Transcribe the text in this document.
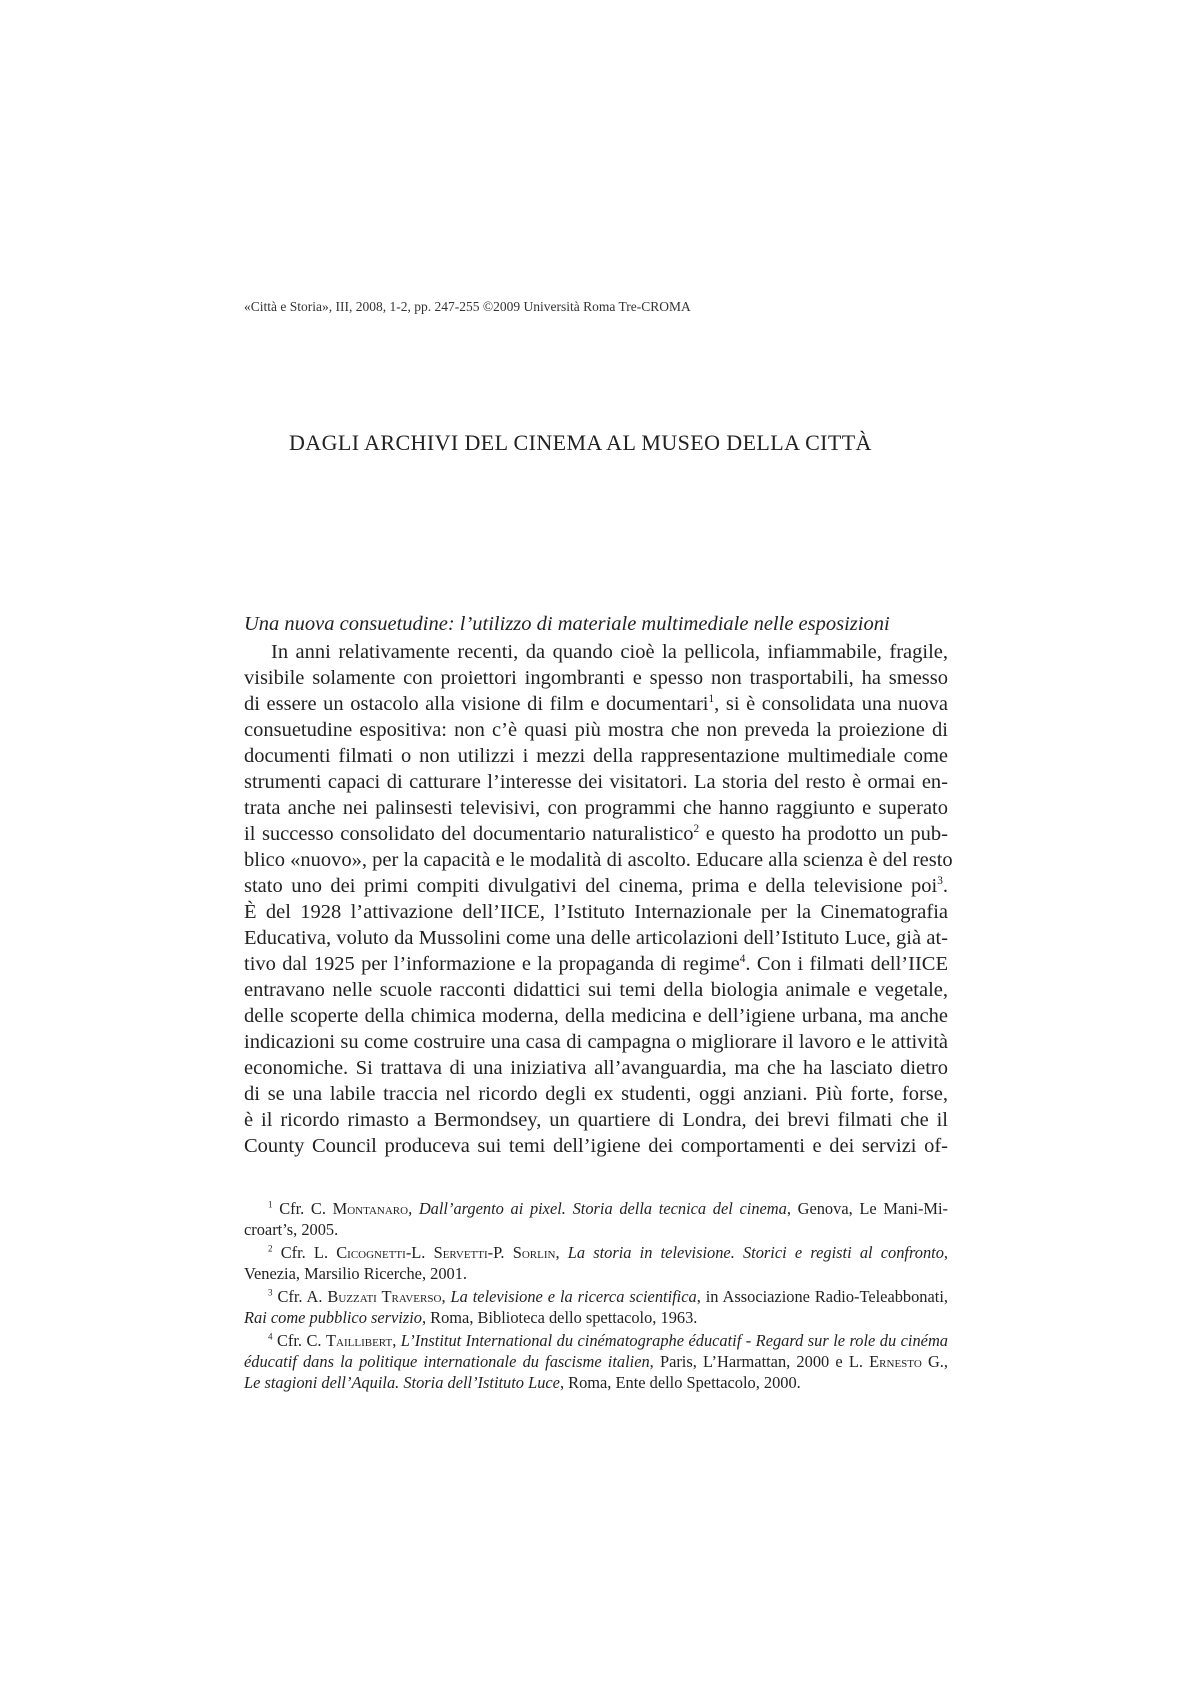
«Città e Storia», III, 2008, 1-2, pp. 247-255 ©2009 Università Roma Tre-CROMA
DAGLI ARCHIVI DEL CINEMA AL MUSEO DELLA CITTÀ
Una nuova consuetudine: l’utilizzo di materiale multimediale nelle esposizioni
In anni relativamente recenti, da quando cioè la pellicola, infiammabile, fragile,
visibile solamente con proiettori ingombranti e spesso non trasportabili, ha smesso
di essere un ostacolo alla visione di film e documentari$^1$, si è consolidata una nuova
consuetudine espositiva: non c’è quasi più mostra che non preveda la proiezione di
documenti filmati o non utilizzi i mezzi della rappresentazione multimediale come
strumenti capaci di catturare l’interesse dei visitatori. La storia del resto è ormai en-
trata anche nei palinsesti televisivi, con programmi che hanno raggiunto e superato
il successo consolidato del documentario naturalistico$^2$ e questo ha prodotto un pub-
blico «nuovo», per la capacità e le modalità di ascolto. Educare alla scienza è del resto
stato uno dei primi compiti divulgativi del cinema, prima e della televisione poi$^3$.
È del 1928 l’attivazione dell’IICE, l’Istituto Internazionale per la Cinematografia
Educativa, voluto da Mussolini come una delle articolazioni dell’Istituto Luce, già at-
tivo dal 1925 per l’informazione e la propaganda di regime$^4$. Con i filmati dell’IICE
entravano nelle scuole racconti didattici sui temi della biologia animale e vegetale,
delle scoperte della chimica moderna, della medicina e dell’igiene urbana, ma anche
indicazioni su come costruire una casa di campagna o migliorare il lavoro e le attività
economiche. Si trattava di una iniziativa all’avanguardia, ma che ha lasciato dietro
di se una labile traccia nel ricordo degli ex studenti, oggi anziani. Più forte, forse,
è il ricordo rimasto a Bermondsey, un quartiere di Londra, dei brevi filmati che il
County Council produceva sui temi dell’igiene dei comportamenti e dei servizi of-
$^1$ Cfr. C. Montanaro, Dall’argento ai pixel. Storia della tecnica del cinema, Genova, Le Mani-Mi-
croart’s, 2005.
$^2$ Cfr. L. Cicognetti-L. Servetti-P. Sorlin, La storia in televisione. Storici e registi al confronto,
Venezia, Marsilio Ricerche, 2001.
$^3$ Cfr. A. Buzzati Traverso, La televisione e la ricerca scientifica, in Associazione Radio-Teleabbonati,
Rai come pubblico servizio, Roma, Biblioteca dello spettacolo, 1963.
$^4$ Cfr. C. Taillibert, L’Institut International du cinématographe éducatif - Regard sur le role du cinéma
éducatif dans la politique internationale du fascisme italien, Paris, L’Harmattan, 2000 e L. Ernesto G.,
Le stagioni dell’Aquila. Storia dell’Istituto Luce, Roma, Ente dello Spettacolo, 2000.
